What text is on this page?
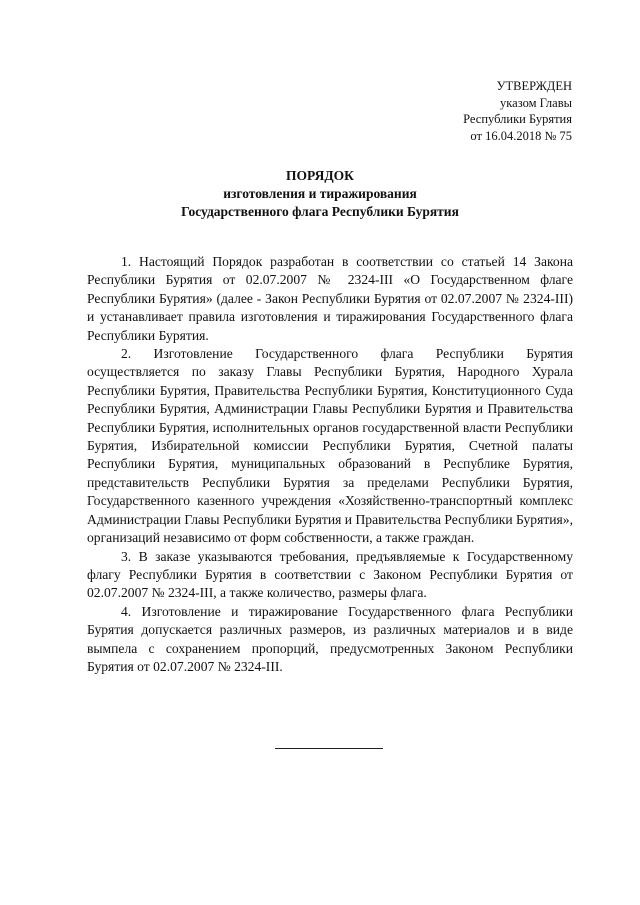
УТВЕРЖДЕН
указом Главы
Республики Бурятия
от 16.04.2018 № 75
ПОРЯДОК
изготовления и тиражирования
Государственного флага Республики Бурятия

1. Настоящий Порядок разработан в соответствии со статьей 14 Закона Республики Бурятия от 02.07.2007 № 2324-III «О Государственном флаге Республики Бурятия» (далее - Закон Республики Бурятия от 02.07.2007 № 2324-III) и устанавливает правила изготовления и тиражирования Государственного флага Республики Бурятия.

2. Изготовление Государственного флага Республики Бурятия осуществляется по заказу Главы Республики Бурятия, Народного Хурала Республики Бурятия, Правительства Республики Бурятия, Конституционного Суда Республики Бурятия, Администрации Главы Республики Бурятия и Правительства Республики Бурятия, исполнительных органов государственной власти Республики Бурятия, Избирательной комиссии Республики Бурятия, Счетной палаты Республики Бурятия, муниципальных образований в Республике Бурятия, представительств Республики Бурятия за пределами Республики Бурятия, Государственного казенного учреждения «Хозяйственно-транспортный комплекс Администрации Главы Республики Бурятия и Правительства Республики Бурятия», организаций независимо от форм собственности, а также граждан.

3. В заказе указываются требования, предъявляемые к Государственному флагу Республики Бурятия в соответствии с Законом Республики Бурятия от 02.07.2007 № 2324-III, а также количество, размеры флага.

4. Изготовление и тиражирование Государственного флага Республики Бурятия допускается различных размеров, из различных материалов и в виде вымпела с сохранением пропорций, предусмотренных Законом Республики Бурятия от 02.07.2007 № 2324-III.
